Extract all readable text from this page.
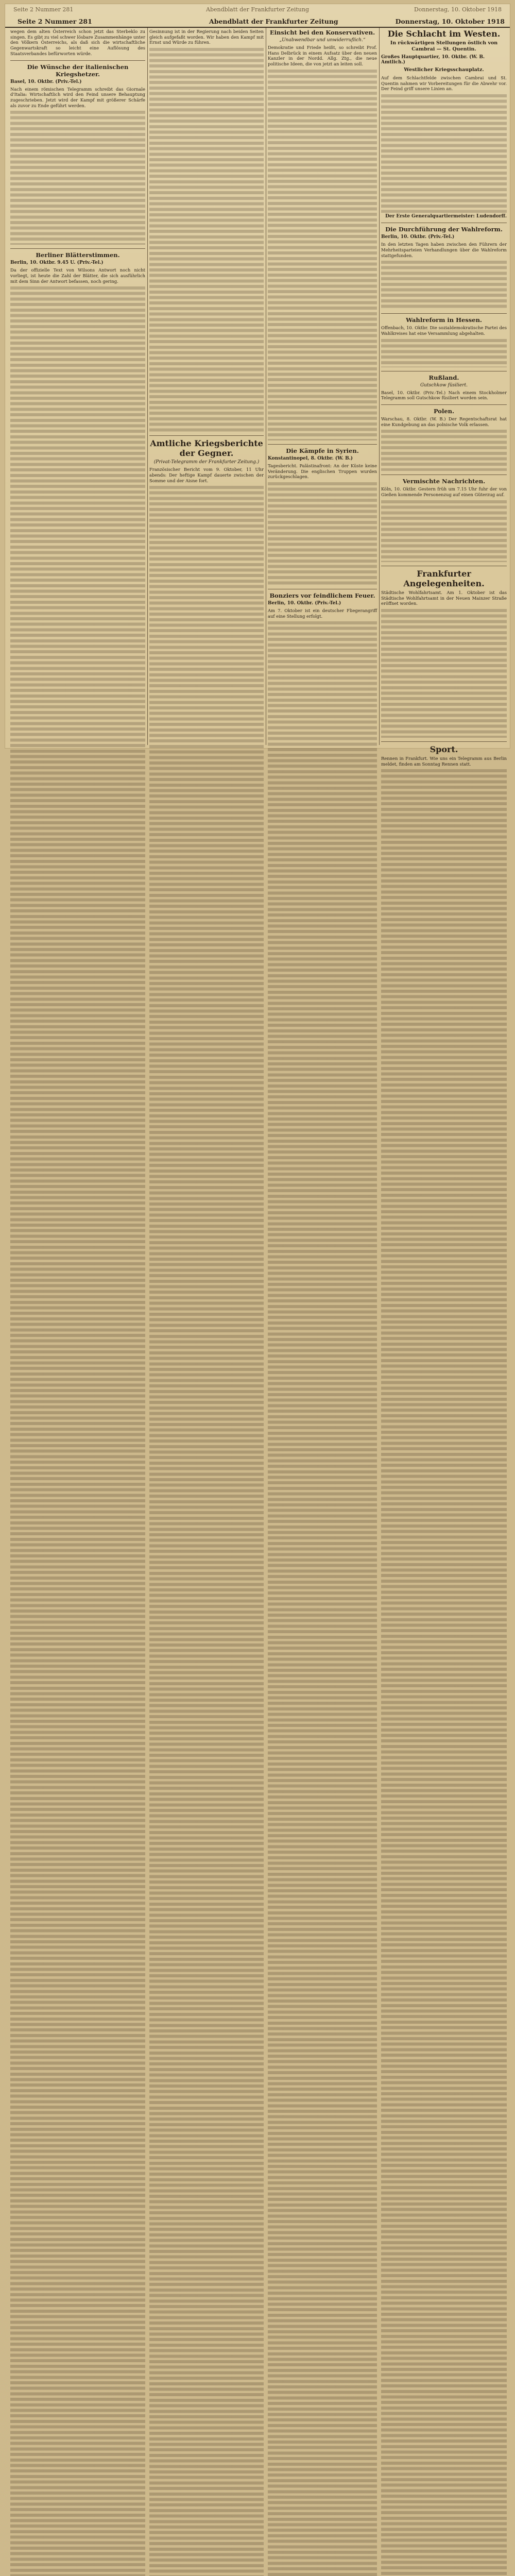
Seite 2 Nummer 281	Abendblatt der Frankfurter Zeitung	Donnerstag, 10. Oktober 1918
Seite 2 Nummer 281	Abendblatt der Frankfurter Zeitung	Donnerstag, 10. Oktober 1918

wegen dem alten Österreich schon jetzt das Sterbeklo zu singen. Es gibt zu viel schwer lösbare Zusammenhänge unter den Völkern Österreichs, als daß sich die wirtschaftliche Gegenwartskraft so leicht eine Auflösung des Staatsverbandes befürworten würde.

Die Wünsche der italienischen Kriegshetzer.
Basel, 10. Oktbr. (Priv.-Tel.)

Nach einem römischen Telegramm schreibt das Giornale d'Italia: Wirtschaftlich wird den Feind unsere Behauptung zugeschrieben. Jetzt wird der Kampf mit größerer Schärfe als zuvor zu Ende geführt werden.

Berliner Blätterstimmen.
Berlin, 10. Oktbr. 9.45 U. (Priv.-Tel.)

Da der offizielle Text von Wilsons Antwort noch nicht vorliegt, ist heute die Zahl der Blätter, die sich ausführlich mit dem Sinn der Antwort befassen, noch gering.

Gesinnung ist in der Regierung nach beiden Seiten gleich aufgefaßt worden. Wir haben den Kampf mit Ernst und Würde zu führen.

Amtliche Kriegsberichte der Gegner.
(Privat-Telegramm der Frankfurter Zeitung.)

Französischer Bericht vom 9. Oktober, 11 Uhr abends: Der heftige Kampf dauerte zwischen der Somme und der Aisne fort.

Einsicht bei den Konservativen.
„Unabwendbar und unwiderruflich.“

Demokratie und Friede heißt, so schreibt Prof. Hans Delbrück in einem Aufsatz über den neuen Kanzler in der Nordd. Allg. Ztg., die neue politische Ideen, die von jetzt an leiten soll.

Die Kämpfe in Syrien.
Konstantinopel, 8. Oktbr. (W. B.)

Tagesbericht. Palästinafront: An der Küste keine Veränderung. Die englischen Truppen wurden zurückgeschlagen.

Bonziers vor feindlichem Feuer.
Berlin, 10. Oktbr. (Priv.-Tel.)

Am 7. Oktober ist ein deutscher Fliegerangriff auf eine Stellung erfolgt.

Die Schlacht im Westen.
In rückwärtigen Stellungen östlich von Cambrai — St. Quentin.
Großes Hauptquartier, 10. Oktbr. (W. B. Amtlich.)
Westlicher Kriegsschauplatz.

Auf dem Schlachtfelde zwischen Cambrai und St. Quentin nahmen wir Vorbereitungen für die Abwehr vor. Der Feind griff unsere Linien an.

Der Erste Generalquartiermeister: Ludendorff.
Die Durchführung der Wahlreform.
Berlin, 10. Oktbr. (Priv.-Tel.)

In den letzten Tagen haben zwischen den Führern der Mehrheitsparteien Verhandlungen über die Wahlreform stattgefunden.

Wahlreform in Hessen.

Offenbach, 10. Oktbr. Die sozialdemokratische Partei des Wahlkreises hat eine Versammlung abgehalten.

Rußland.
Gutschkow füsiliert.

Basel, 10. Oktbr. (Priv.-Tel.) Nach einem Stockholmer Telegramm soll Gutschkow füsiliert worden sein.

Polen.

Warschau, 8. Oktbr. (W. B.) Der Regentschaftsrat hat eine Kundgebung an das polnische Volk erlassen.

Vermischte Nachrichten.

Köln, 10. Oktbr. Gestern früh um 7.15 Uhr fuhr der von Gießen kommende Personenzug auf einen Güterzug auf.

Frankfurter Angelegenheiten.

Städtische Wohlfahrtsamt. Am 1. Oktober ist das Städtische Wohlfahrtsamt in der Neuen Mainzer Straße eröffnet worden.

Sport.

Rennen in Frankfurt. Wie uns ein Telegramm aus Berlin meldet, finden am Sonntag Rennen statt.
